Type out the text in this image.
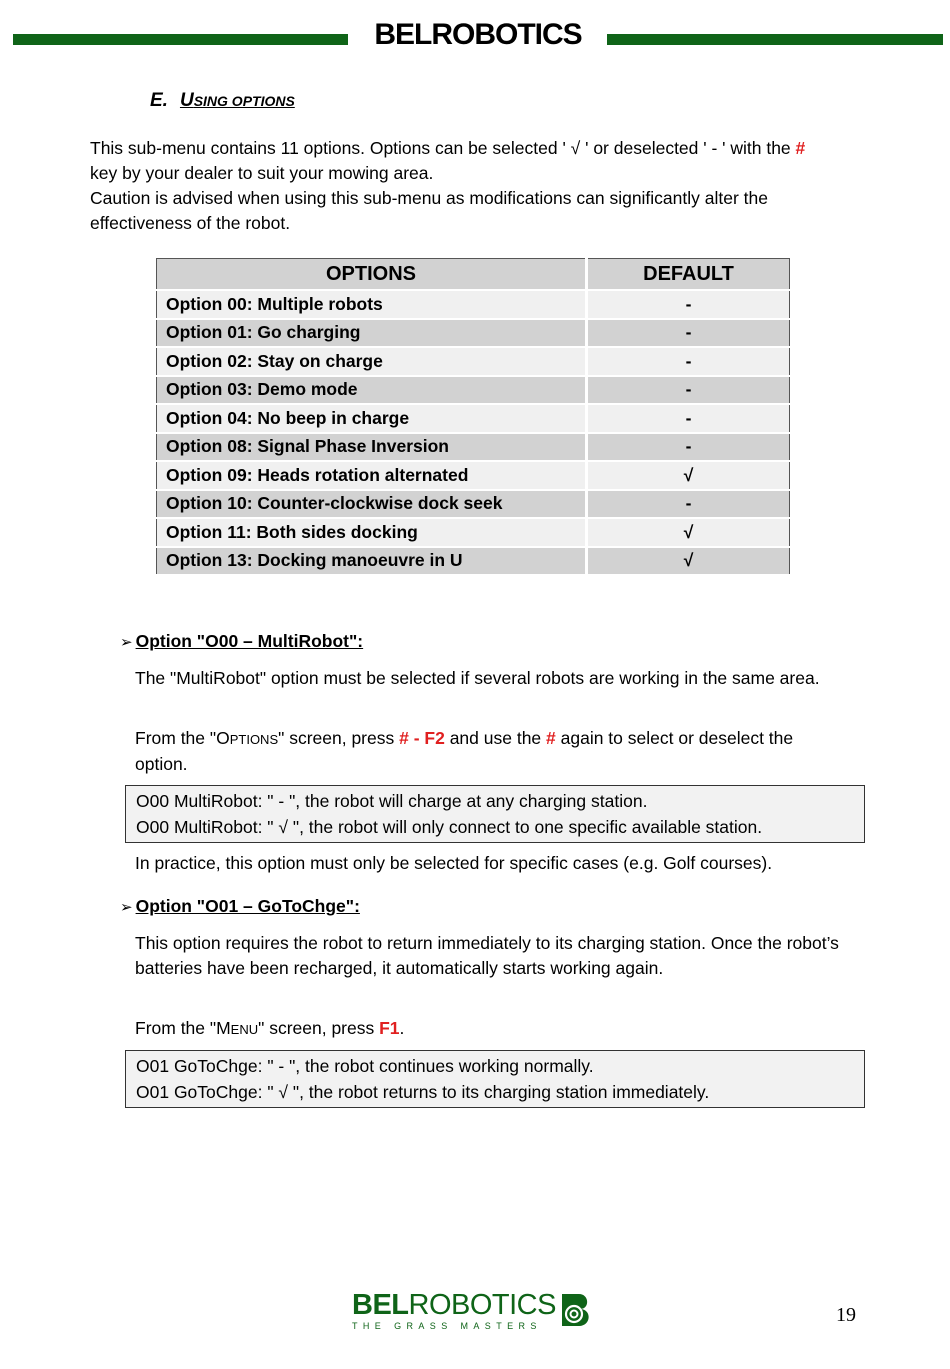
BELROBOTICS
E. USING OPTIONS
This sub-menu contains 11 options. Options can be selected ' √ ' or deselected ' - ' with the #
key by your dealer to suit your mowing area.
Caution is advised when using this sub-menu as modifications can significantly alter the effectiveness of the robot.
OPTIONS	DEFAULT
Option 00: Multiple robots	-
Option 01: Go charging	-
Option 02: Stay on charge	-
Option 03: Demo mode	-
Option 04: No beep in charge	-
Option 08: Signal Phase Inversion	-
Option 09: Heads rotation alternated	√
Option 10: Counter-clockwise dock seek	-
Option 11: Both sides docking	√
Option 13: Docking manoeuvre in U	√
➢ Option "O00 – MultiRobot":
The "MultiRobot" option must be selected if several robots are working in the same area.
From the "OPTIONS" screen, press # - F2 and use the # again to select or deselect the option.
O00 MultiRobot: " - ", the robot will charge at any charging station.
O00 MultiRobot: " √ ", the robot will only connect to one specific available station.
In practice, this option must only be selected for specific cases (e.g. Golf courses).
➢ Option "O01 – GoToChge":
This option requires the robot to return immediately to its charging station. Once the robot’s batteries have been recharged, it automatically starts working again.
From the "MENU" screen, press F1.
O01 GoToChge: " - ", the robot continues working normally.
O01 GoToChge: " √ ", the robot returns to its charging station immediately.
BELROBOTICS
THE GRASS MASTERS	19
